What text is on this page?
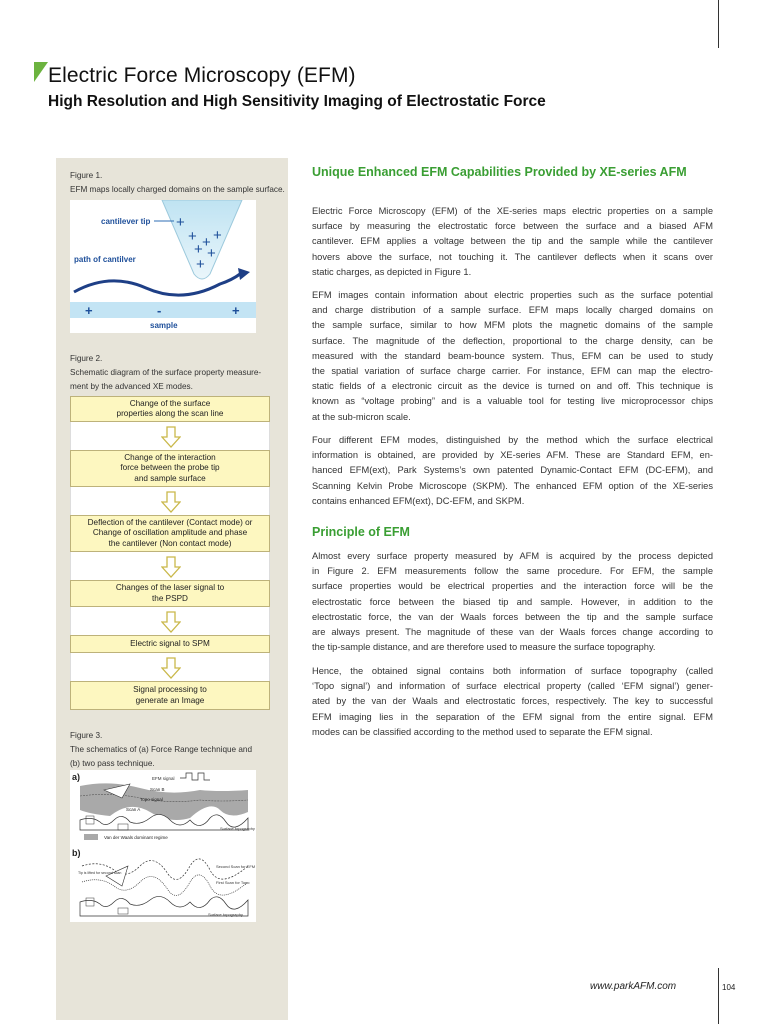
Electric Force Microscopy (EFM)
High Resolution and High Sensitivity Imaging of Electrostatic Force
Figure 1.
EFM maps locally charged domains on the sample surface.
cantilever tip +
+ + +
+ +
+
path of cantilver
+	-	+
sample
Figure 2.
Schematic diagram of the surface property measure-
ment by the advanced XE modes.
Change of the surface
properties along the scan line
Change of the interaction
force between the probe tip
and sample surface
Deflection of the cantilever (Contact mode) or
Change of oscillation amplitude and phase
the cantilever (Non contact mode)
Changes of the laser signal to
the PSPD
Electric signal to SPM
Signal processing to
generate an Image
Figure 3.
The schematics of (a) Force Range technique and
(b) two pass technique.
a)	EFM signal
Scan B
Topo signal
Scan A
Surface topography
Van der Waals dominant regime
b)
Tip is lifted for second scan
Second Scan for EFM
First Scan for Topo
Surface topography
Unique Enhanced EFM Capabilities Provided by XE-series AFM

Electric Force Microscopy (EFM) of the XE-series maps electric properties on a sample
surface by measuring the electrostatic force between the surface and a biased AFM
cantilever. EFM applies a voltage between the tip and the sample while the cantilever
hovers above the surface, not touching it. The cantilever deflects when it scans over
static charges, as depicted in Figure 1.

EFM images contain information about electric properties such as the surface potential
and charge distribution of a sample surface. EFM maps locally charged domains on
the sample surface, similar to how MFM plots the magnetic domains of the sample
surface. The magnitude of the deflection, proportional to the charge density, can be
measured with the standard beam-bounce system. Thus, EFM can be used to study
the spatial variation of surface charge carrier. For instance, EFM can map the electro-
static fields of a electronic circuit as the device is turned on and off. This technique is
known as “voltage probing” and is a valuable tool for testing live microprocessor chips
at the sub-micron scale.

Four different EFM modes, distinguished by the method which the surface electrical
information is obtained, are provided by XE-series AFM. These are Standard EFM, en-
hanced EFM(ext), Park Systems’s own patented Dynamic-Contact EFM (DC-EFM), and
Scanning Kelvin Probe Microscope (SKPM). The enhanced EFM option of the XE-series
contains enhanced EFM(ext), DC-EFM, and SKPM.

Principle of EFM

Almost every surface property measured by AFM is acquired by the process depicted
in Figure 2. EFM measurements follow the same procedure. For EFM, the sample
surface properties would be electrical properties and the interaction force will be the
electrostatic force between the biased tip and sample. However, in addition to the
electrostatic force, the van der Waals forces between the tip and the sample surface
are always present. The magnitude of these van der Waals forces change according to
the tip-sample distance, and are therefore used to measure the surface topography.

Hence, the obtained signal contains both information of surface topography (called
‘Topo signal’) and information of surface electrical property (called ‘EFM signal’) gener-
ated by the van der Waals and electrostatic forces, respectively. The key to successful
EFM imaging lies in the separation of the EFM signal from the entire signal. EFM
modes can be classified according to the method used to separate the EFM signal.

www.parkAFM.com	104
